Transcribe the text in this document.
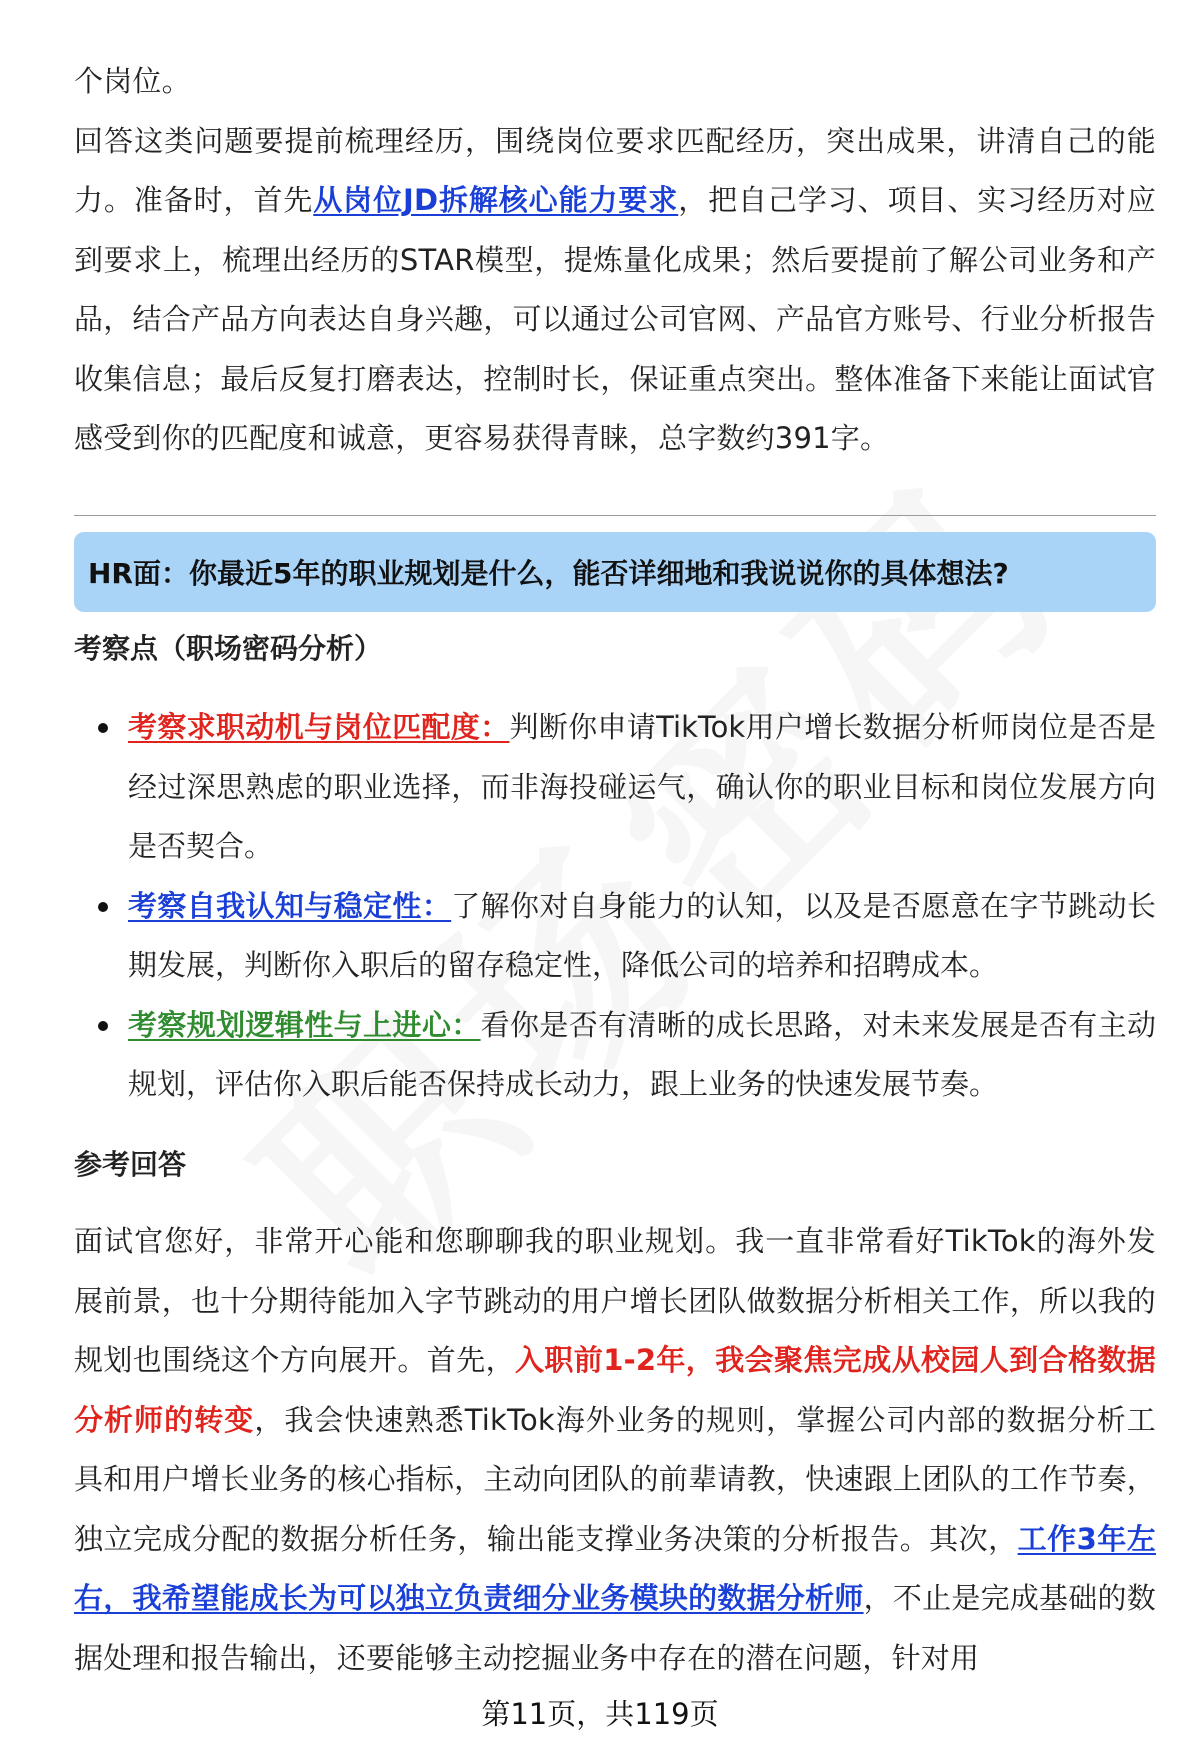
个岗位。

回答这类问题要提前梳理经历，围绕岗位要求匹配经历，突出成果，讲清自己的能力。准备时，首先从岗位JD拆解核心能力要求，把自己学习、项目、实习经历对应到要求上，梳理出经历的STAR模型，提炼量化成果；然后要提前了解公司业务和产品，结合产品方向表达自身兴趣，可以通过公司官网、产品官方账号、行业分析报告收集信息；最后反复打磨表达，控制时长，保证重点突出。整体准备下来能让面试官感受到你的匹配度和诚意，更容易获得青睐，总字数约391字。

HR面：你最近5年的职业规划是什么，能否详细地和我说说你的具体想法?
考察点（职场密码分析）
考察求职动机与岗位匹配度：判断你申请TikTok用户增长数据分析师岗位是否是经过深思熟虑的职业选择，而非海投碰运气，确认你的职业目标和岗位发展方向是否契合。
考察自我认知与稳定性：了解你对自身能力的认知，以及是否愿意在字节跳动长期发展，判断你入职后的留存稳定性，降低公司的培养和招聘成本。
考察规划逻辑性与上进心：看你是否有清晰的成长思路，对未来发展是否有主动规划，评估你入职后能否保持成长动力，跟上业务的快速发展节奏。
参考回答

面试官您好，非常开心能和您聊聊我的职业规划。我一直非常看好TikTok的海外发展前景，也十分期待能加入字节跳动的用户增长团队做数据分析相关工作，所以我的规划也围绕这个方向展开。首先，入职前1-2年，我会聚焦完成从校园人到合格数据分析师的转变，我会快速熟悉TikTok海外业务的规则，掌握公司内部的数据分析工具和用户增长业务的核心指标，主动向团队的前辈请教，快速跟上团队的工作节奏，独立完成分配的数据分析任务，输出能支撑业务决策的分析报告。其次，工作3年左右，我希望能成长为可以独立负责细分业务模块的数据分析师，不止是完成基础的数据处理和报告输出，还要能够主动挖掘业务中存在的潜在问题，针对用

第11页，共119页
